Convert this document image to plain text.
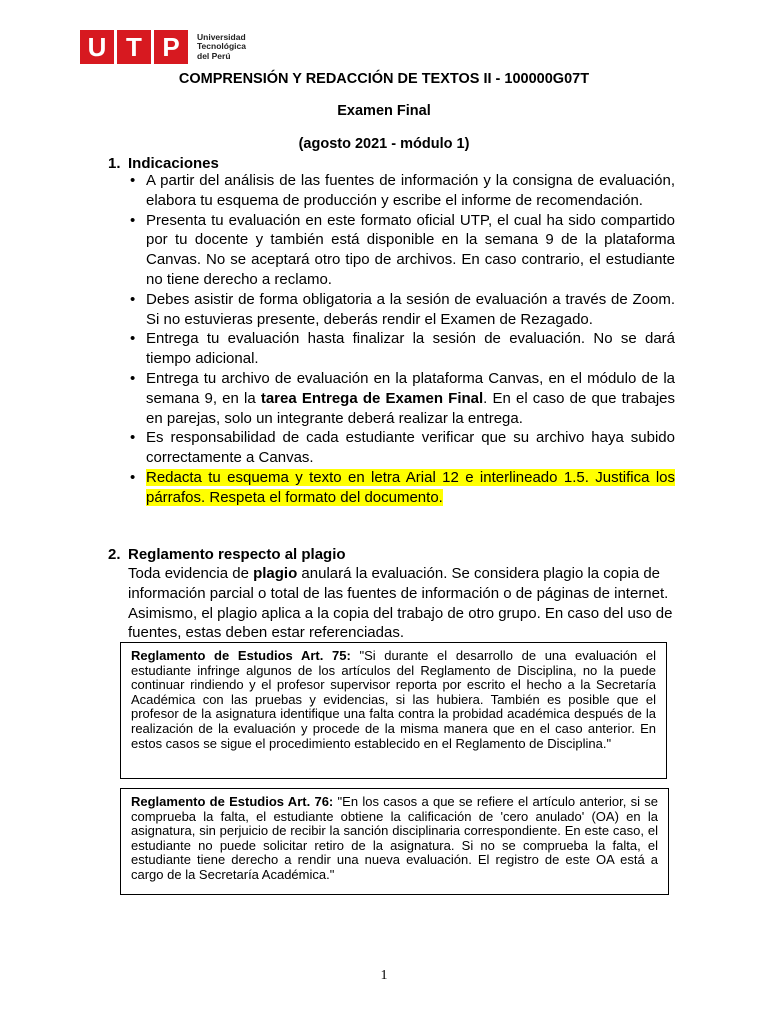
U T P	Universidad
Tecnológica
del Perú
COMPRENSIÓN Y REDACCIÓN DE TEXTOS II - 100000G07T
Examen Final
(agosto 2021 - módulo 1)
1. Indicaciones
• A partir del análisis de las fuentes de información y la consigna de evaluación, elabora tu esquema de producción y escribe el informe de recomendación.
• Presenta tu evaluación en este formato oficial UTP, el cual ha sido compartido por tu docente y también está disponible en la semana 9 de la plataforma Canvas. No se aceptará otro tipo de archivos. En caso contrario, el estudiante no tiene derecho a reclamo.
• Debes asistir de forma obligatoria a la sesión de evaluación a través de Zoom. Si no estuvieras presente, deberás rendir el Examen de Rezagado.
• Entrega tu evaluación hasta finalizar la sesión de evaluación. No se dará tiempo adicional.
• Entrega tu archivo de evaluación en la plataforma Canvas, en el módulo de la semana 9, en la tarea Entrega de Examen Final. En el caso de que trabajes en parejas, solo un integrante deberá realizar la entrega.
• Es responsabilidad de cada estudiante verificar que su archivo haya subido correctamente a Canvas.
• Redacta tu esquema y texto en letra Arial 12 e interlineado 1.5. Justifica los párrafos. Respeta el formato del documento.
2. Reglamento respecto al plagio
Toda evidencia de plagio anulará la evaluación. Se considera plagio la copia de información parcial o total de las fuentes de información o de páginas de internet. Asimismo, el plagio aplica a la copia del trabajo de otro grupo. En caso del uso de fuentes, estas deben estar referenciadas.
Reglamento de Estudios Art. 75: "Si durante el desarrollo de una evaluación el estudiante infringe algunos de los artículos del Reglamento de Disciplina, no la puede continuar rindiendo y el profesor supervisor reporta por escrito el hecho a la Secretaría Académica con las pruebas y evidencias, si las hubiera. También es posible que el profesor de la asignatura identifique una falta contra la probidad académica después de la realización de la evaluación y procede de la misma manera que en el caso anterior. En estos casos se sigue el procedimiento establecido en el Reglamento de Disciplina."
Reglamento de Estudios Art. 76: "En los casos a que se refiere el artículo anterior, si se comprueba la falta, el estudiante obtiene la calificación de 'cero anulado' (OA) en la asignatura, sin perjuicio de recibir la sanción disciplinaria correspondiente. En este caso, el estudiante no puede solicitar retiro de la asignatura. Si no se comprueba la falta, el estudiante tiene derecho a rendir una nueva evaluación. El registro de este OA está a cargo de la Secretaría Académica."
1
